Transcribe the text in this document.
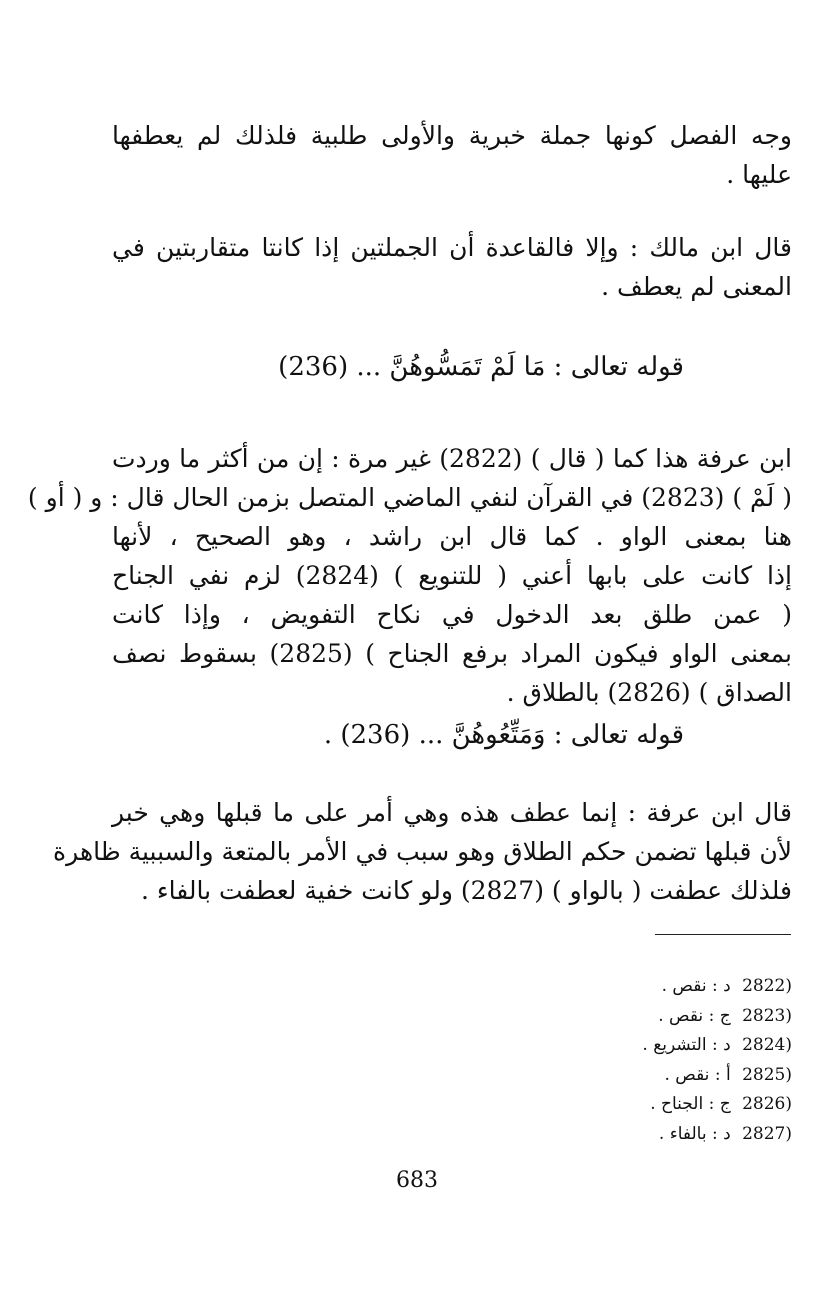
وجه الفصل كونها جملة خبرية والأولى طلبية فلذلك لم يعطفها
عليها .
قال ابن مالك : وإلا فالقاعدة أن الجملتين إذا كانتا متقاربتين في
المعنى لم يعطف .
قوله تعالى : مَا لَمْ تَمَسُّوهُنَّ ... (236)
ابن عرفة هذا كما ( قال ) (2822) غير مرة : إن من أكثر ما وردت
( لَمْ ) (2823) في القرآن لنفي الماضي المتصل بزمن الحال قال : و ( أو )
هنا بمعنى الواو . كما قال ابن راشد ، وهو الصحيح ، لأنها
إذا كانت على بابها أعني ( للتنويع ) (2824) لزم نفي الجناح
( عمن طلق بعد الدخول في نكاح التفويض ، وإذا كانت
بمعنى الواو فيكون المراد برفع الجناح ) (2825) بسقوط نصف
الصداق ) (2826) بالطلاق .
قوله تعالى : وَمَتِّعُوهُنَّ ... (236) .
قال ابن عرفة : إنما عطف هذه وهي أمر على ما قبلها وهي خبر
لأن قبلها تضمن حكم الطلاق وهو سبب في الأمر بالمتعة والسببية ظاهرة
فلذلك عطفت ( بالواو ) (2827) ولو كانت خفية لعطفت بالفاء .
(2822 د : نقص .
(2823 ج : نقص .
(2824 د : التشريع .
(2825 أ : نقص .
(2826 ج : الجناح .
(2827 د : بالفاء .
683
